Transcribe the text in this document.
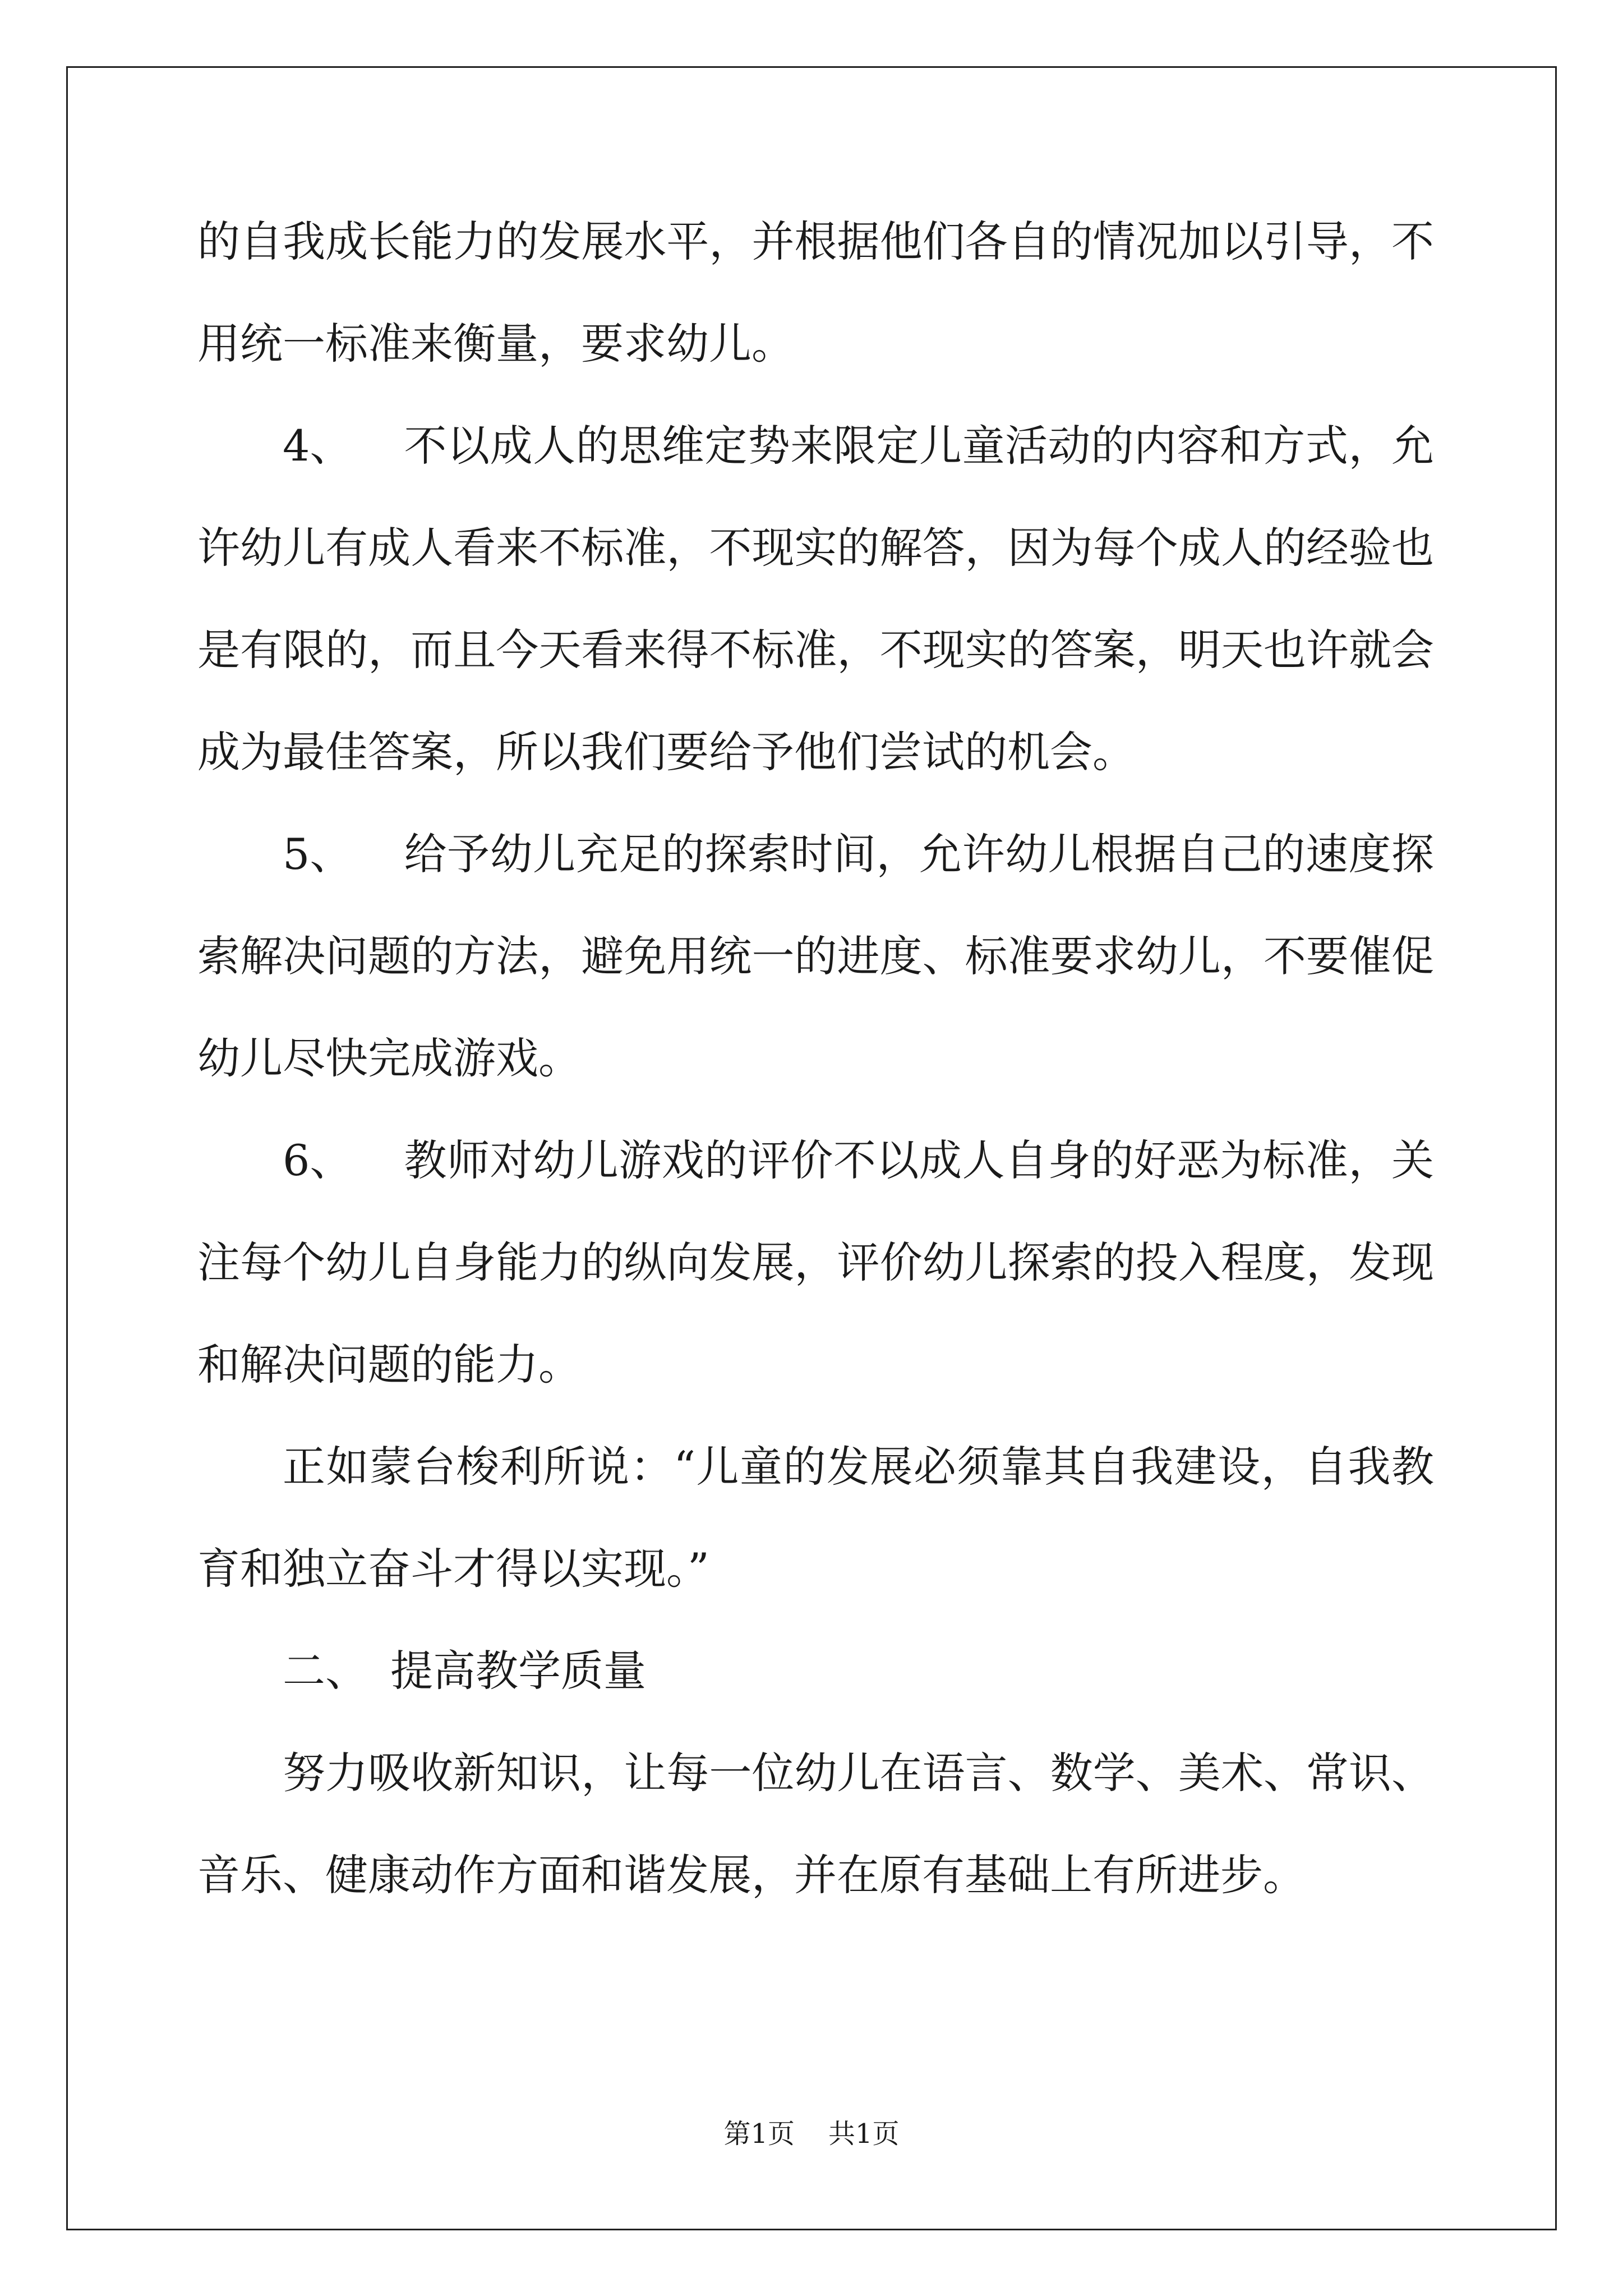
的自我成长能力的发展水平，并根据他们各自的情况加以引导，不用统一标准来衡量，要求幼儿。

4、 不以成人的思维定势来限定儿童活动的内容和方式，允许幼儿有成人看来不标准，不现实的解答，因为每个成人的经验也是有限的，而且今天看来得不标准，不现实的答案，明天也许就会成为最佳答案，所以我们要给予他们尝试的机会。

5、 给予幼儿充足的探索时间，允许幼儿根据自己的速度探索解决问题的方法，避免用统一的进度、标准要求幼儿，不要催促幼儿尽快完成游戏。

6、 教师对幼儿游戏的评价不以成人自身的好恶为标准，关注每个幼儿自身能力的纵向发展，评价幼儿探索的投入程度，发现和解决问题的能力。

正如蒙台梭利所说：“儿童的发展必须靠其自我建设，自我教育和独立奋斗才得以实现。”

二、 提高教学质量

努力吸收新知识，让每一位幼儿在语言、数学、美术、常识、音乐、健康动作方面和谐发展，并在原有基础上有所进步。

第1页 共1页
